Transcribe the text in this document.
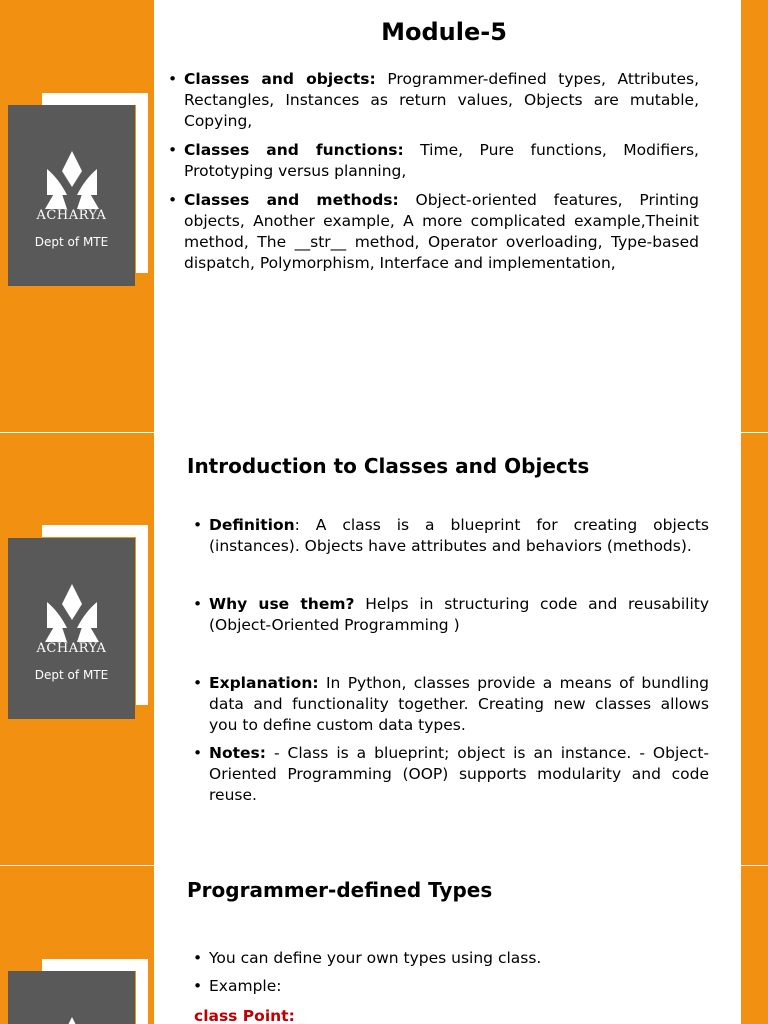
ACHARYA
Dept of MTE
Module-5
• Classes and objects: Programmer-defined types, Attributes, Rectangles, Instances as return values, Objects are mutable, Copying,
• Classes and functions: Time, Pure functions, Modifiers, Prototyping versus planning,
• Classes and methods: Object-oriented features, Printing objects, Another example, A more complicated example,Theinit method, The __str__ method, Operator overloading, Type-based dispatch, Polymorphism, Interface and implementation,
ACHARYA
Dept of MTE
Introduction to Classes and Objects
• Definition: A class is a blueprint for creating objects (instances). Objects have attributes and behaviors (methods).
• Why use them? Helps in structuring code and reusability (Object-Oriented Programming )
• Explanation: In Python, classes provide a means of bundling data and functionality together. Creating new classes allows you to define custom data types.
• Notes: - Class is a blueprint; object is an instance. - Object-Oriented Programming (OOP) supports modularity and code reuse.
Programmer-defined Types
• You can define your own types using class.
• Example:
class Point:
